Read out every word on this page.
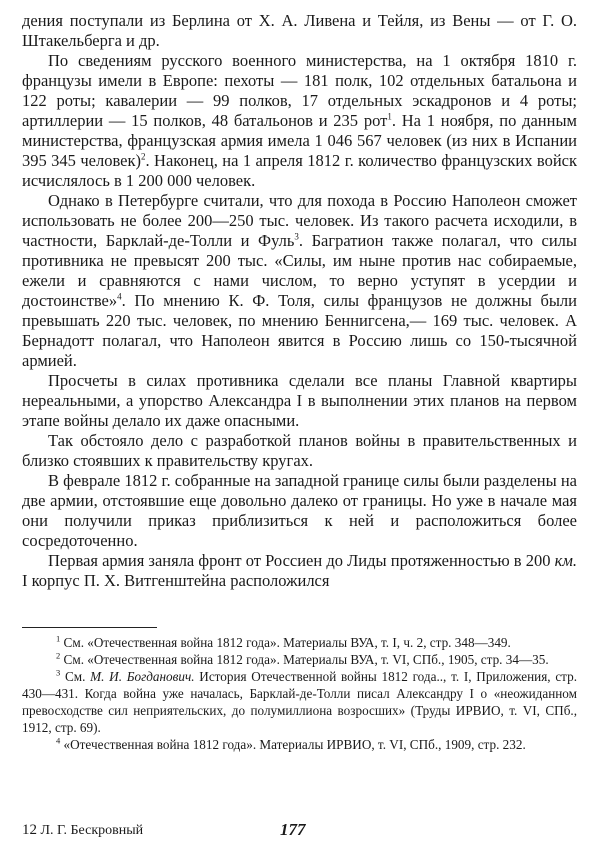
дения поступали из Берлина от Х. А. Ливена и Тейля, из Вены — от Г. О. Штакельберга и др.

По сведениям русского военного министерства, на 1 октября 1810 г. французы имели в Европе: пехоты — 181 полк, 102 отдельных батальона и 122 роты; кавалерии — 99 полков, 17 отдельных эскадронов и 4 роты; артиллерии — 15 полков, 48 батальонов и 235 рот$^1$. На 1 ноября, по данным министерства, французская армия имела 1 046 567 человек (из них в Испании 395 345 человек)$^2$. Наконец, на 1 апреля 1812 г. количество французских войск исчислялось в 1 200 000 человек.

Однако в Петербурге считали, что для похода в Россию Наполеон сможет использовать не более 200—250 тыс. человек. Из такого расчета исходили, в частности, Барклай-де-Толли и Фуль$^3$. Багратион также полагал, что силы противника не превысят 200 тыс. «Силы, им ныне против нас собираемые, ежели и сравняются с нами числом, то верно уступят в усердии и достоинстве»$^4$. По мнению К. Ф. Толя, силы французов не должны были превышать 220 тыс. человек, по мнению Беннигсена,— 169 тыс. человек. А Бернадотт полагал, что Наполеон явится в Россию лишь со 150-тысячной армией.

Просчеты в силах противника сделали все планы Главной квартиры нереальными, а упорство Александра I в выполнении этих планов на первом этапе войны делало их даже опасными.

Так обстояло дело с разработкой планов войны в правительственных и близко стоявших к правительству кругах.

В феврале 1812 г. собранные на западной границе силы были разделены на две армии, отстоявшие еще довольно далеко от границы. Но уже в начале мая они получили приказ приблизиться к ней и расположиться более сосредоточенно.

Первая армия заняла фронт от Россиен до Лиды протяженностью в 200 км. I корпус П. Х. Витгенштейна расположился

$^1$ См. «Отечественная война 1812 года». Материалы ВУА, т. I, ч. 2, стр. 348—349.

$^2$ См. «Отечественная война 1812 года». Материалы ВУА, т. VI, СПб., 1905, стр. 34—35.

$^3$ См. М. И. Богданович. История Отечественной войны 1812 года.., т. I, Приложения, стр. 430—431. Когда война уже началась, Барклай-де-Толли писал Александру I о «неожиданном превосходстве сил неприятельских, до полумиллиона возросших» (Труды ИРВИО, т. VI, СПб., 1912, стр. 69).

$^4$ «Отечественная война 1812 года». Материалы ИРВИО, т. VI, СПб., 1909, стр. 232.

12 Л. Г. Бескровный	177
